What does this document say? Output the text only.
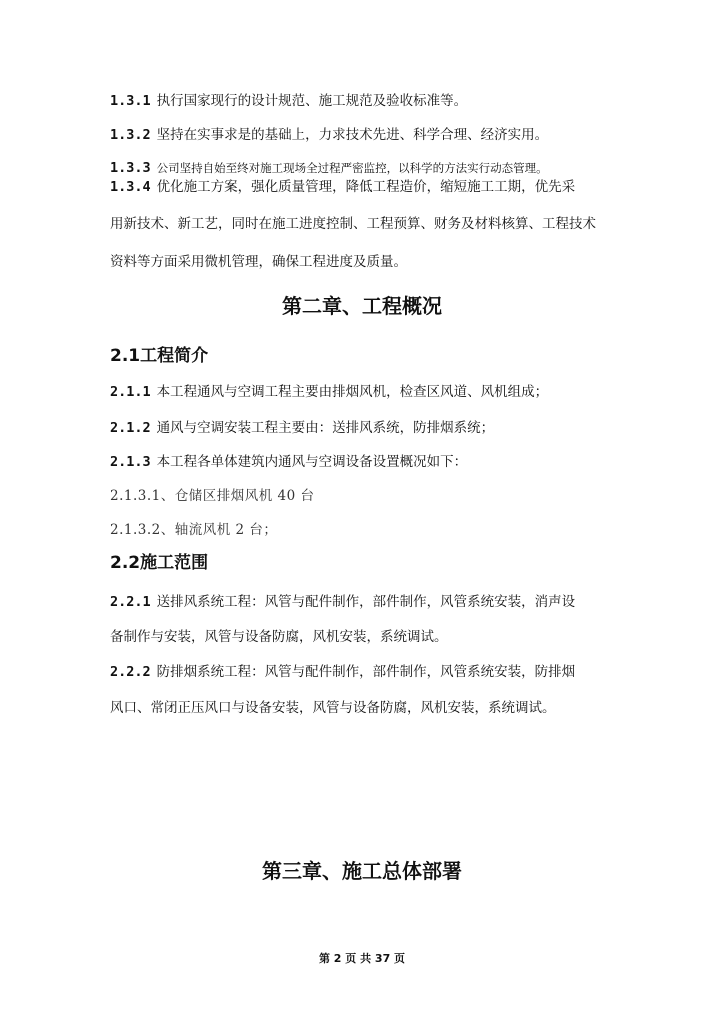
1.3.1 执行国家现行的设计规范、施工规范及验收标准等。
1.3.2 坚持在实事求是的基础上，力求技术先进、科学合理、经济实用。
1.3.3 公司坚持自始至终对施工现场全过程严密监控，以科学的方法实行动态管理。
1.3.4 优化施工方案，强化质量管理，降低工程造价，缩短施工工期，优先采
用新技术、新工艺，同时在施工进度控制、工程预算、财务及材料核算、工程技术
资料等方面采用微机管理，确保工程进度及质量。
第二章、工程概况
2.1工程简介
2.1.1 本工程通风与空调工程主要由排烟风机，检查区风道、风机组成；
2.1.2 通风与空调安装工程主要由：送排风系统，防排烟系统；
2.1.3 本工程各单体建筑内通风与空调设备设置概况如下：
2.1.3.1、仓储区排烟风机 40 台
2.1.3.2、轴流风机 2 台；
2.2施工范围
2.2.1 送排风系统工程：风管与配件制作，部件制作，风管系统安装，消声设
备制作与安装，风管与设备防腐，风机安装，系统调试。
2.2.2 防排烟系统工程：风管与配件制作，部件制作，风管系统安装，防排烟
风口、常闭正压风口与设备安装，风管与设备防腐，风机安装，系统调试。
第三章、施工总体部署
第 2 页 共 37 页
